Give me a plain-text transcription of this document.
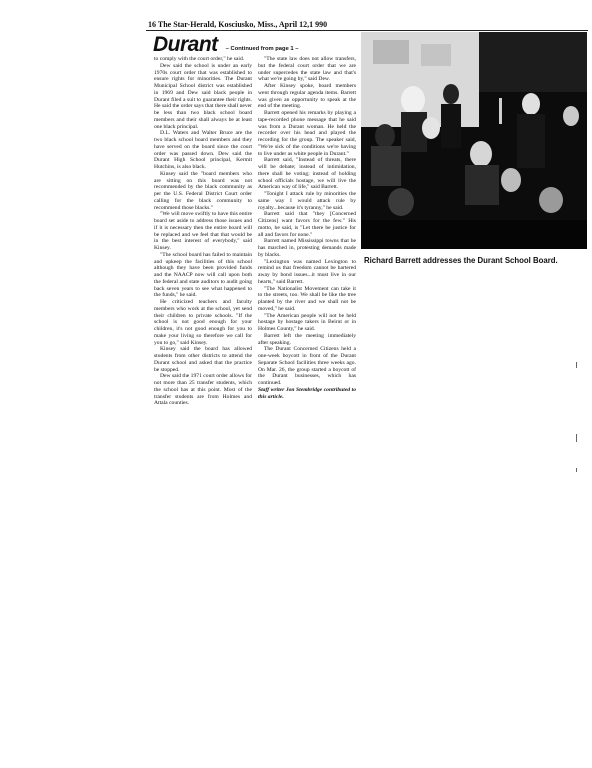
16 The Star-Herald, Kosciusko, Miss., April 12,1 990
Durant – Continued from page 1 –

to comply with the court order," he said.

Dew said the school is under an early 1970s court order that was established to ensure rights for minorities. The Durant Municipal School district was established in 1969 and Dew said black people in Durant filed a suit to guarantee their rights. He said the order says that there shall never be less than two black school board members and their shall always be at least one black principal.

D.L. Waters and Walter Bruce are the two black school board members and they have served on the board since the court order was passed down. Dew said the Durant High School principal, Kermit Hutchins, is also black.

Kinsey said the "board members who are sitting on this board was not recommended by the black community as per the U.S. Federal District Court order calling for the black community to recommend those blacks."

"We will move swiftly to have this entire board set aside to address those issues and if it is necessary then the entire board will be replaced and we feel that that would be in the best interest of everybody," said Kinsey.

"The school board has failed to maintain and upkeep the facilities of this school although they have been provided funds and the NAACP now will call upon both the federal and state auditors to audit going back seven years to see what happened to the funds," he said.

He criticized teachers and faculty members who work at the school, yet send their children to private schools. "If the school is not good enough for your children, it's not good enough for you to make your living so therefore we call for you to go," said Kinsey.

Kinsey said the board has allowed students from other districts to attend the Durant school and asked that the practice be stopped.

Dew said the 1971 court order allows for not more than 25 transfer students, which the school has at this point. Most of the transfer students are from Holmes and Attala counties.

"The state law does not allow transfers, but the federal court order that we are under supercedes the state law and that's what we're going by," said Dew.

After Kinsey spoke, board members went through regular agenda items. Barrett was given an opportunity to speak at the end of the meeting.

Barrett opened his remarks by playing a tape-recorded phone message that he said was from a Durant woman. He held the recorder over his head and played the recording for the group. The speaker said, "We're sick of the conditions we're having to live under as white people in Durant."

Barrett said, "Instead of threats, there will be debate; instead of intimidation, there shall be voting; instead of holding school officials hostage, we will live the American way of life," said Barrett.

"Tonight I attack rule by minorities the same way I would attack rule by royalty...because it's tyranny," he said.

Barrett said that "they [Concerned Citizens] want favors for the few." His motto, he said, is "Let there be justice for all and favors for none."

Barrett named Mississippi towns that he has marched in, protesting demands made by blacks.

"Lexington was named Lexington to remind us that freedom cannot be bartered away by bond issues...it must live in our hearts," said Barrett.

"The Nationalist Movement can take it to the streets, too. We shall be like the tree planted by the river and we shall not be moved," he said.

"The American people will not be held hostage by hostage takers in Beirut or in Holmes County," he said.

Barrett left the meeting immediately after speaking.

The Durant Concerned Citizens held a one-week boycott in front of the Durant Separate School facilities three weeks ago. On Mar. 26, the group started a boycott of the Durant businesses, which has continued.

Staff writer Jon Stembridge contributed to this article.

Richard Barrett addresses the Durant School Board.
